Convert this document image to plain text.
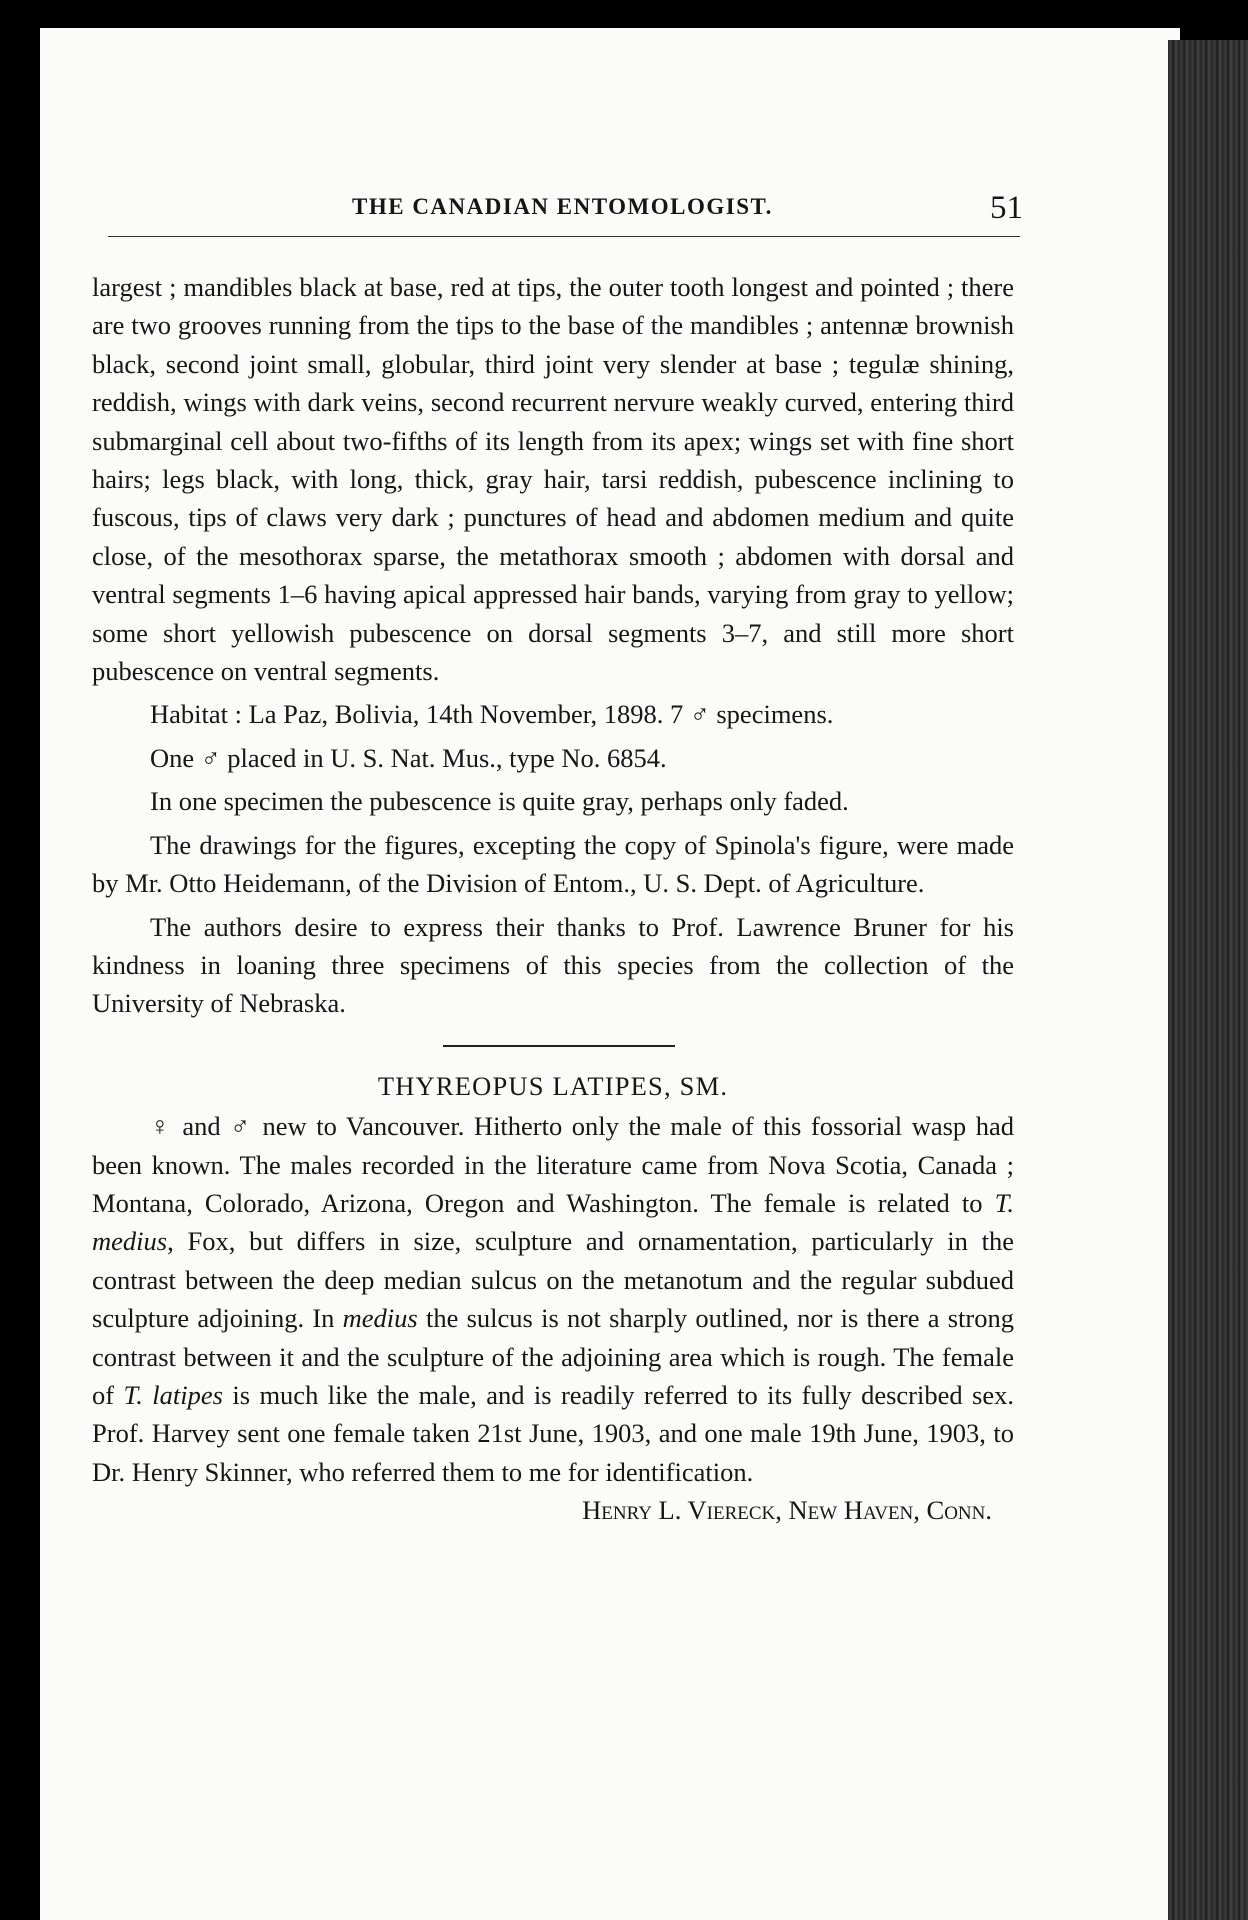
THE CANADIAN ENTOMOLOGIST.	51

largest ; mandibles black at base, red at tips, the outer tooth longest and pointed ; there are two grooves running from the tips to the base of the mandibles ; antennæ brownish black, second joint small, globular, third joint very slender at base ; tegulæ shining, reddish, wings with dark veins, second recurrent nervure weakly curved, entering third submarginal cell about two-fifths of its length from its apex; wings set with fine short hairs; legs black, with long, thick, gray hair, tarsi reddish, pubescence inclining to fuscous, tips of claws very dark ; punctures of head and abdomen medium and quite close, of the mesothorax sparse, the metathorax smooth ; abdomen with dorsal and ventral segments 1–6 having apical appressed hair bands, varying from gray to yellow; some short yellowish pubescence on dorsal segments 3–7, and still more short pubescence on ventral segments.

Habitat : La Paz, Bolivia, 14th November, 1898. 7 ♂ specimens.

One ♂ placed in U. S. Nat. Mus., type No. 6854.

In one specimen the pubescence is quite gray, perhaps only faded.

The drawings for the figures, excepting the copy of Spinola's figure, were made by Mr. Otto Heidemann, of the Division of Entom., U. S. Dept. of Agriculture.

The authors desire to express their thanks to Prof. Lawrence Bruner for his kindness in loaning three specimens of this species from the collection of the University of Nebraska.

THYREOPUS LATIPES, SM.

♀ and ♂ new to Vancouver. Hitherto only the male of this fossorial wasp had been known. The males recorded in the literature came from Nova Scotia, Canada ; Montana, Colorado, Arizona, Oregon and Washington. The female is related to T. medius, Fox, but differs in size, sculpture and ornamentation, particularly in the contrast between the deep median sulcus on the metanotum and the regular subdued sculpture adjoining. In medius the sulcus is not sharply outlined, nor is there a strong contrast between it and the sculpture of the adjoining area which is rough. The female of T. latipes is much like the male, and is readily referred to its fully described sex. Prof. Harvey sent one female taken 21st June, 1903, and one male 19th June, 1903, to Dr. Henry Skinner, who referred them to me for identification.

Henry L. Viereck, New Haven, Conn.
